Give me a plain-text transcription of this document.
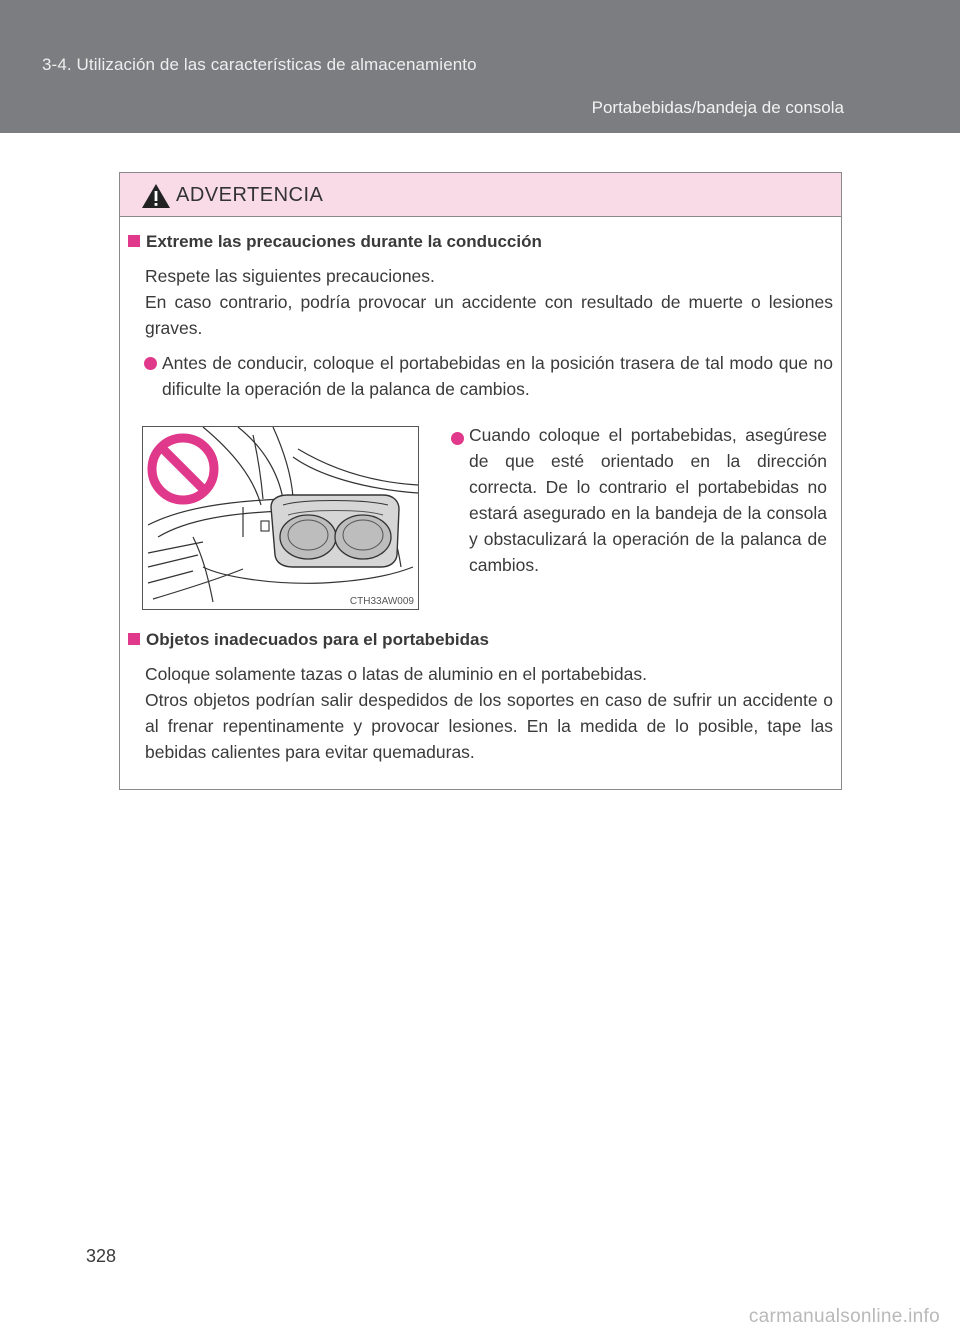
3-4. Utilización de las características de almacenamiento
Portabebidas/bandeja de consola
ADVERTENCIA
Extreme las precauciones durante la conducción
Respete las siguientes precauciones.
En caso contrario, podría provocar un accidente con resultado de muerte o lesiones graves.
Antes de conducir, coloque el portabebidas en la posición trasera de tal modo que no dificulte la operación de la palanca de cambios.
CTH33AW009
Cuando coloque el portabebidas, asegúrese de que esté orientado en la dirección correcta. De lo contrario el portabebidas no estará asegurado en la bandeja de la consola y obstaculizará la operación de la palanca de cambios.
Objetos inadecuados para el portabebidas
Coloque solamente tazas o latas de aluminio en el portabebidas.
Otros objetos podrían salir despedidos de los soportes en caso de sufrir un accidente o al frenar repentinamente y provocar lesiones. En la medida de lo posible, tape las bebidas calientes para evitar quemaduras.
328
carmanualsonline.info
